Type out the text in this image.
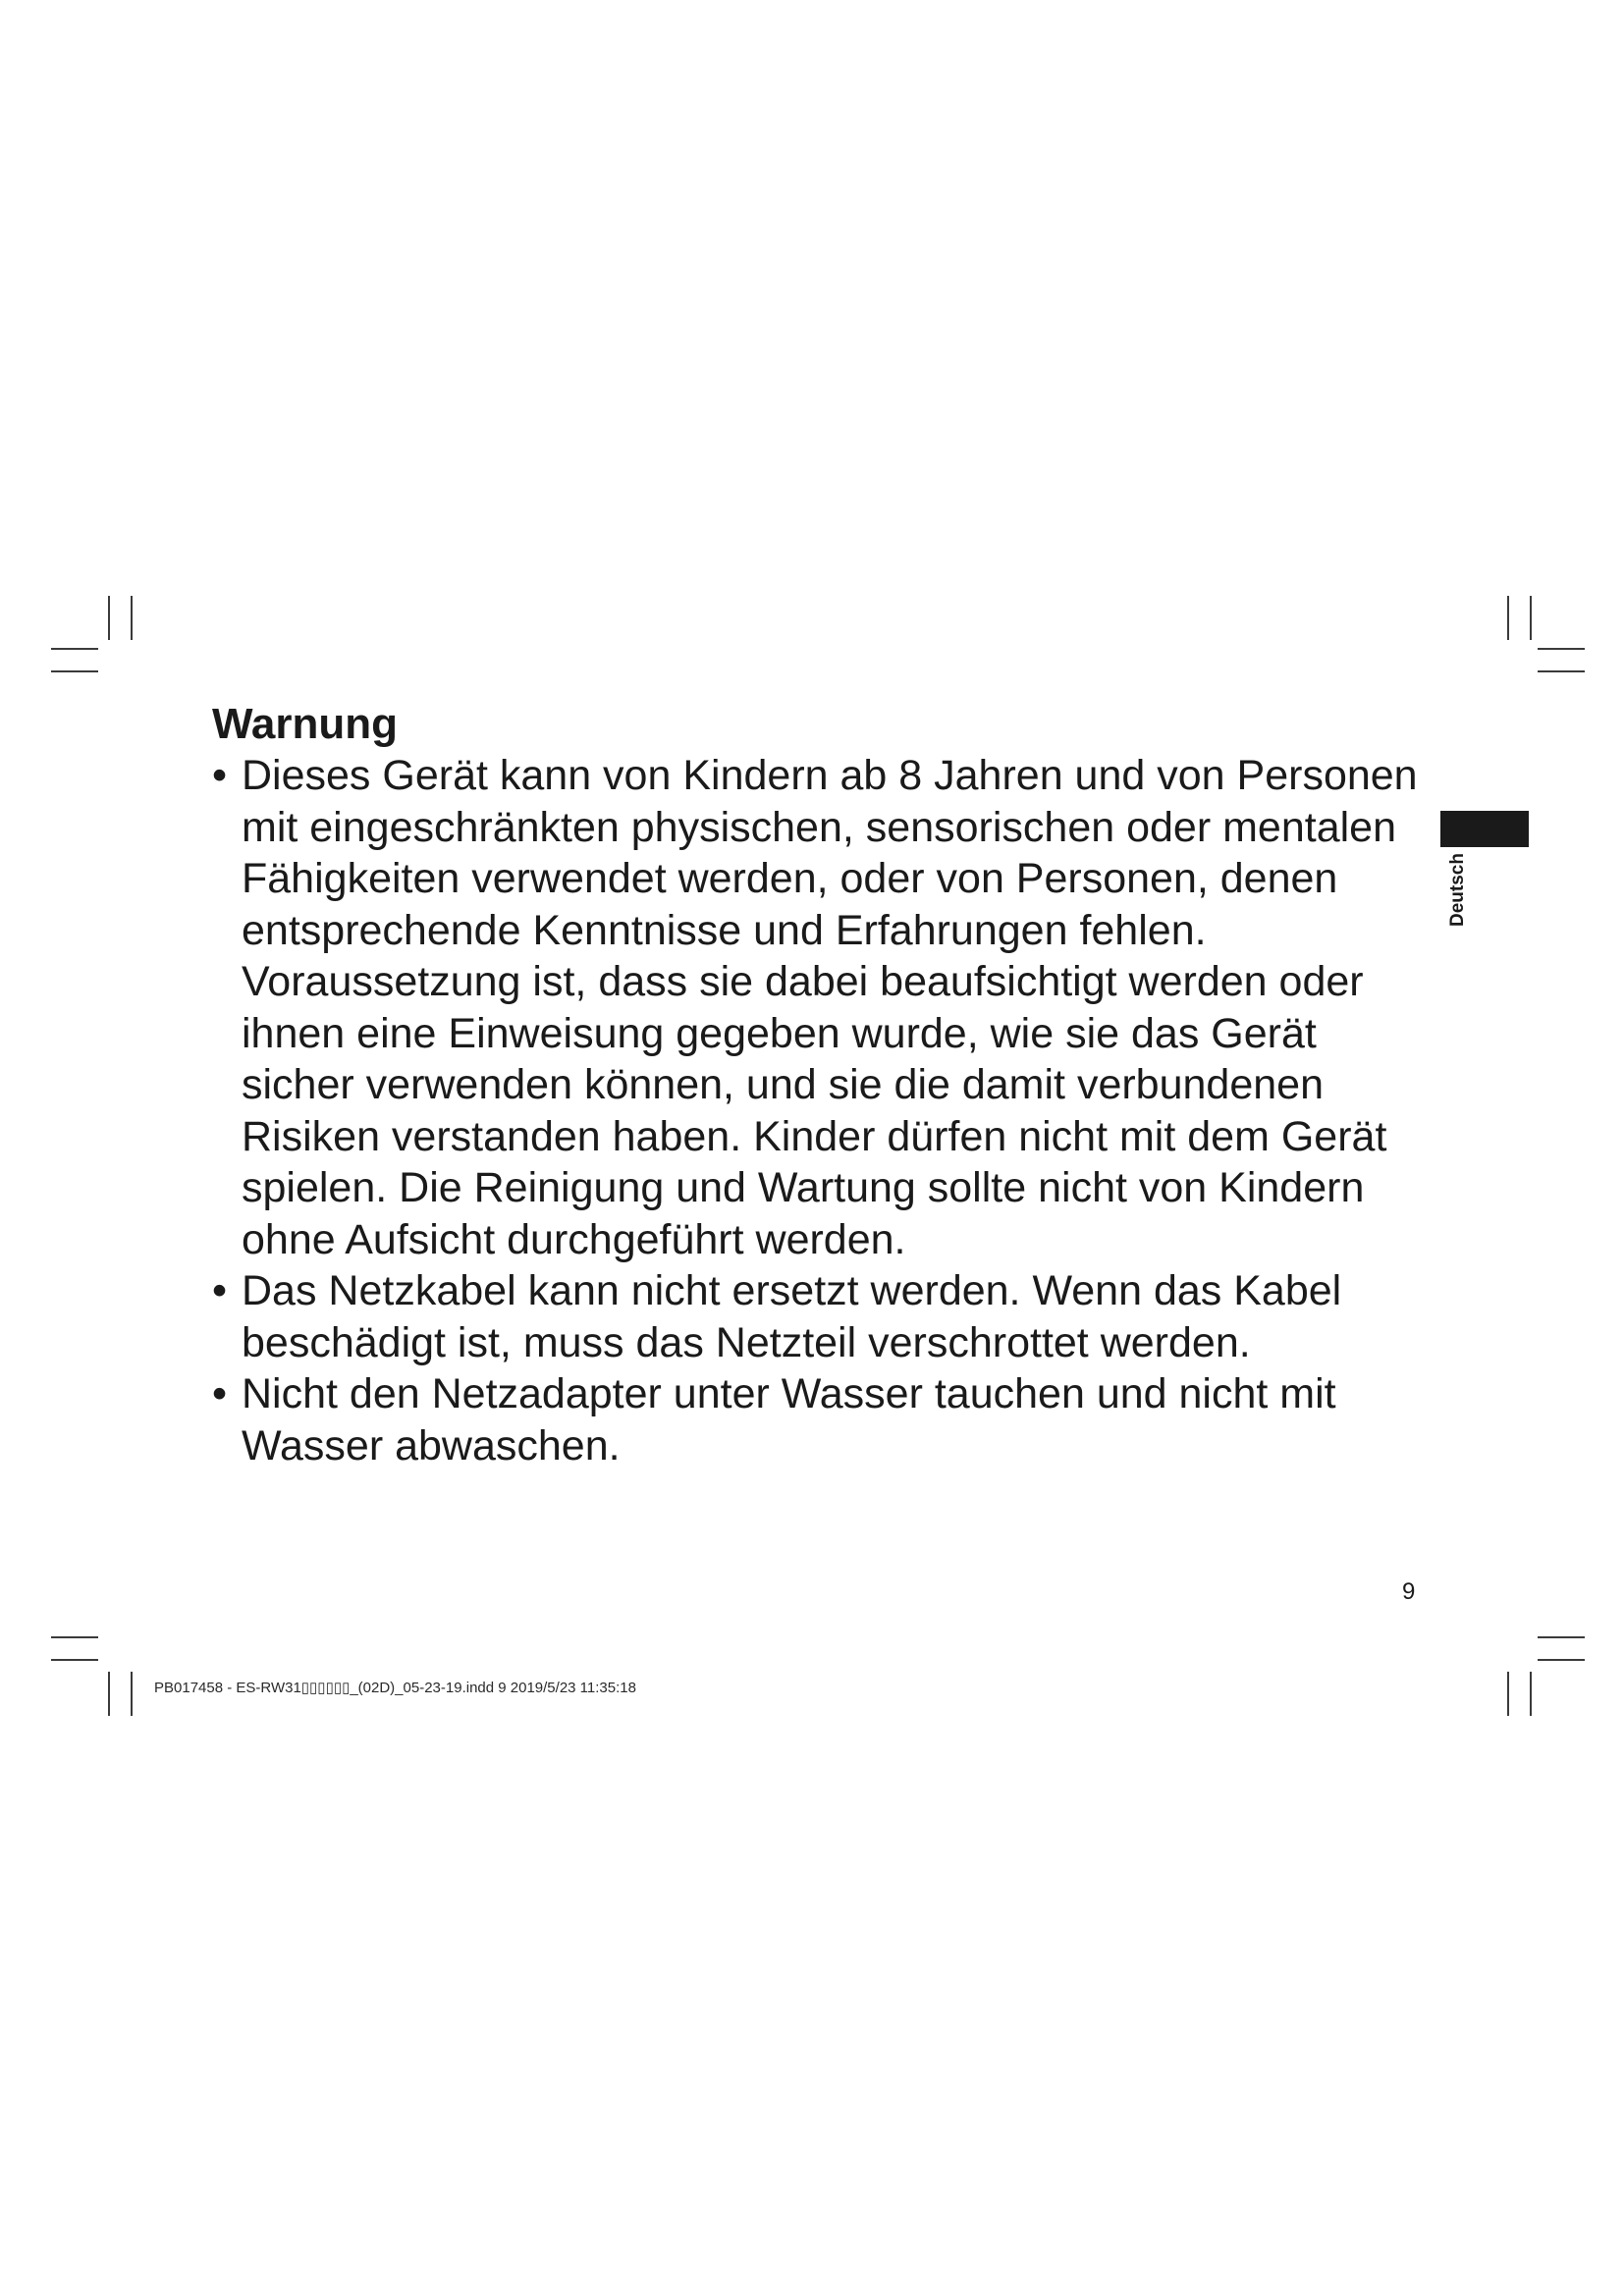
Warnung
• Dieses Gerät kann von Kindern ab 8 Jahren und von Personen mit eingeschränkten physischen, sensorischen oder mentalen Fähigkeiten verwendet werden, oder von Personen, denen entsprechende Kenntnisse und Erfahrungen fehlen. Voraussetzung ist, dass sie dabei beaufsichtigt werden oder ihnen eine Einweisung gegeben wurde, wie sie das Gerät sicher verwenden können, und sie die damit verbundenen Risiken verstanden haben. Kinder dürfen nicht mit dem Gerät spielen. Die Reinigung und Wartung sollte nicht von Kindern ohne Aufsicht durchgeführt werden.
• Das Netzkabel kann nicht ersetzt werden. Wenn das Kabel beschädigt ist, muss das Netzteil verschrottet werden.
• Nicht den Netzadapter unter Wasser tauchen und nicht mit Wasser abwaschen.
Deutsch
9
PB017458 - ES-RW31▯▯▯▯▯▯_(02D)_05-23-19.indd 9 2019/5/23 11:35:18
